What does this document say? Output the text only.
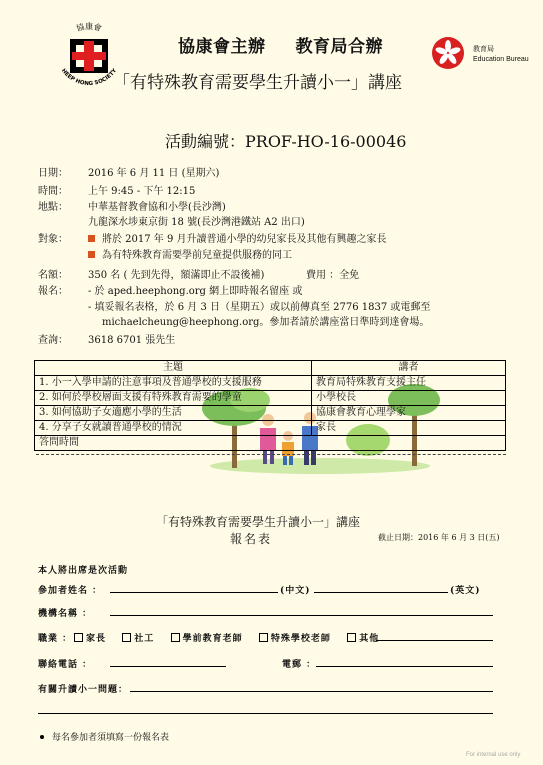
協康會
HEEP HONG SOCIETY
協康會主辦 教育局合辦
「有特殊教育需要學生升讀小一」講座
教育局
Education Bureau
活動編號：PROF-HO-16-00046
日期： 2016 年 6 月 11 日 (星期六)
時間： 上午 9:45 - 下午 12:15
地點： 中華基督教會協和小學(長沙灣)
九龍深水埗東京街 18 號(長沙灣港鐵站 A2 出口)
對象：	將於 2017 年 9 月升讀普通小學的幼兒家長及其他有興趣之家長
為有特殊教育需要學前兒童提供服務的同工
名額： 350 名 ( 先到先得，額滿即止不設後補)	費用 ：全免
報名： - 於 aped.heephong.org 網上即時報名留座 或
- 填妥報名表格，於 6 月 3 日（星期五）或以前傳真至 2776 1837 或電郵至
michaelcheung@heephong.org。參加者請於講座當日準時到達會場。
查詢： 3618 6701 張先生
主題	講者
1. 小一入學申請的注意事項及普通學校的支援服務	教育局特殊教育支援主任
2. 如何於學校層面支援有特殊教育需要的學童	小學校長
3. 如何協助子女適應小學的生活	協康會教育心理學家
4. 分享子女就讀普通學校的情況	家長
答問時間	
「有特殊教育需要學生升讀小一」講座
報名表	截止日期：2016 年 6 月 3 日(五)
本人將出席是次活動
參加者姓名 ：	(中文)	(英文)
機構名稱 ：
職業 ：	家長	社工	學前教育老師	特殊學校老師	其他
聯絡電話 ：	電郵 ：
有關升讀小一問題：
每名參加者須填寫一份報名表
For internal use only
